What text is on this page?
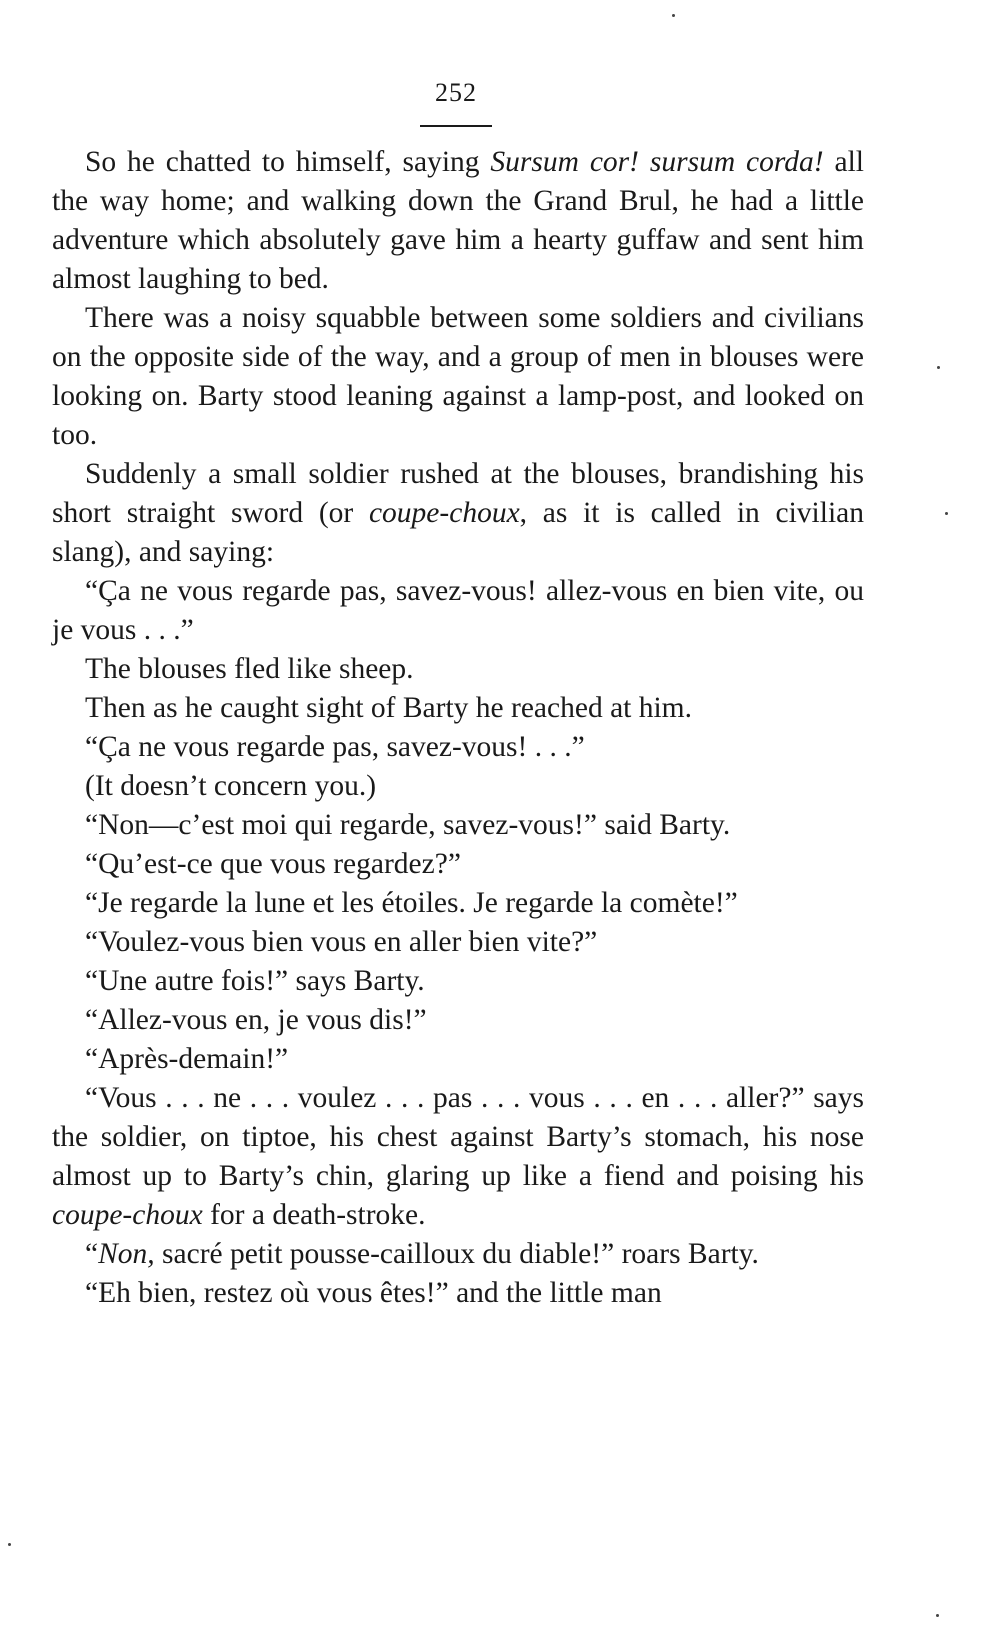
252

So he chatted to himself, saying Sursum cor! sursum corda! all the way home; and walking down the Grand Brul, he had a little adventure which absolutely gave him a hearty guffaw and sent him almost laughing to bed.

There was a noisy squabble between some soldiers and civilians on the opposite side of the way, and a group of men in blouses were looking on. Barty stood leaning against a lamp-post, and looked on too.

Suddenly a small soldier rushed at the blouses, brandishing his short straight sword (or coupe-choux, as it is called in civilian slang), and saying:

“Ça ne vous regarde pas, savez-vous! allez-vous en bien vite, ou je vous . . .”

The blouses fled like sheep.

Then as he caught sight of Barty he reached at him.

“Ça ne vous regarde pas, savez-vous! . . .”

(It doesn’t concern you.)

“Non—c’est moi qui regarde, savez-vous!” said Barty.

“Qu’est-ce que vous regardez?”

“Je regarde la lune et les étoiles. Je regarde la comète!”

“Voulez-vous bien vous en aller bien vite?”

“Une autre fois!” says Barty.

“Allez-vous en, je vous dis!”

“Après-demain!”

“Vous . . . ne . . . voulez . . . pas . . . vous . . . en . . . aller?” says the soldier, on tiptoe, his chest against Barty’s stomach, his nose almost up to Barty’s chin, glaring up like a fiend and poising his coupe-choux for a death-stroke.

“Non, sacré petit pousse-cailloux du diable!” roars Barty.

“Eh bien, restez où vous êtes!” and the little man
